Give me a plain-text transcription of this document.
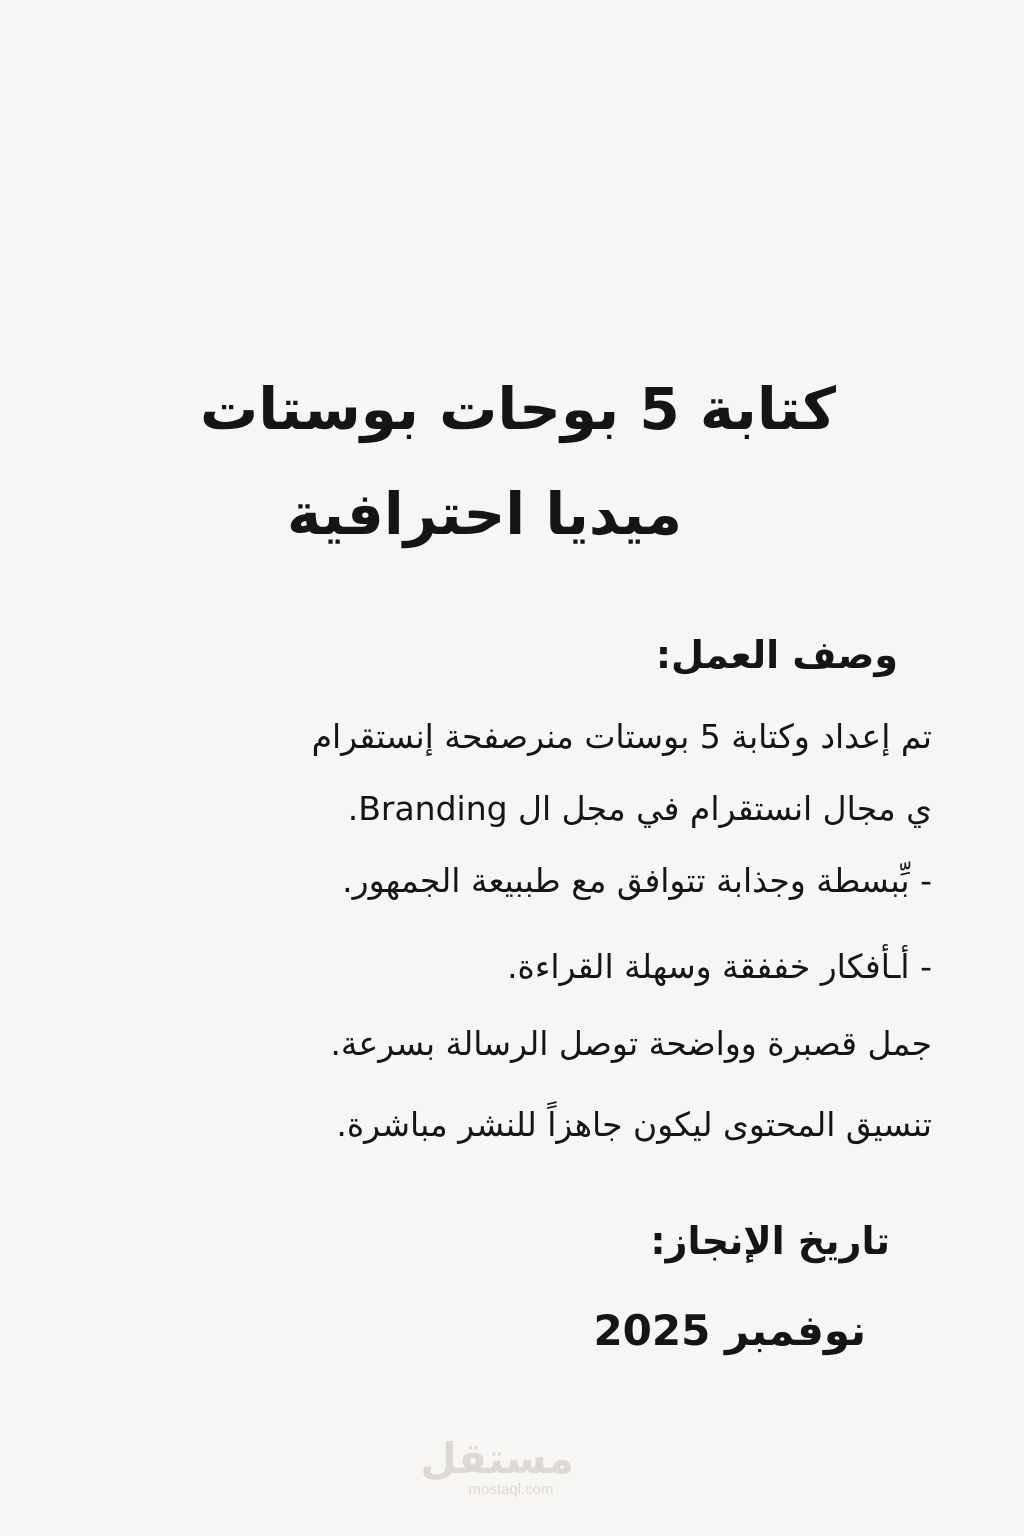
كتابة 5 بوحات بوستات
ميديا احترافية
وصف العمل:

تم إعداد وكتابة 5 بوستات منرصفحة إنستقرام

ي مجال انستقرام في مجل ال Branding.

- بِّبسطة وجذابة تتوافق مع طببيعة الجمهور.

- أـأفكار خففقة وسهلة القراءة.

جمل قصبرة وواضحة توصل الرسالة بسرعة.

تنسيق المحتوى ليكون جاهزاً للنشر مباشرة.

تاريخ الإنجاز:

نوفمبر 2025

مستقل
mostaql.com
